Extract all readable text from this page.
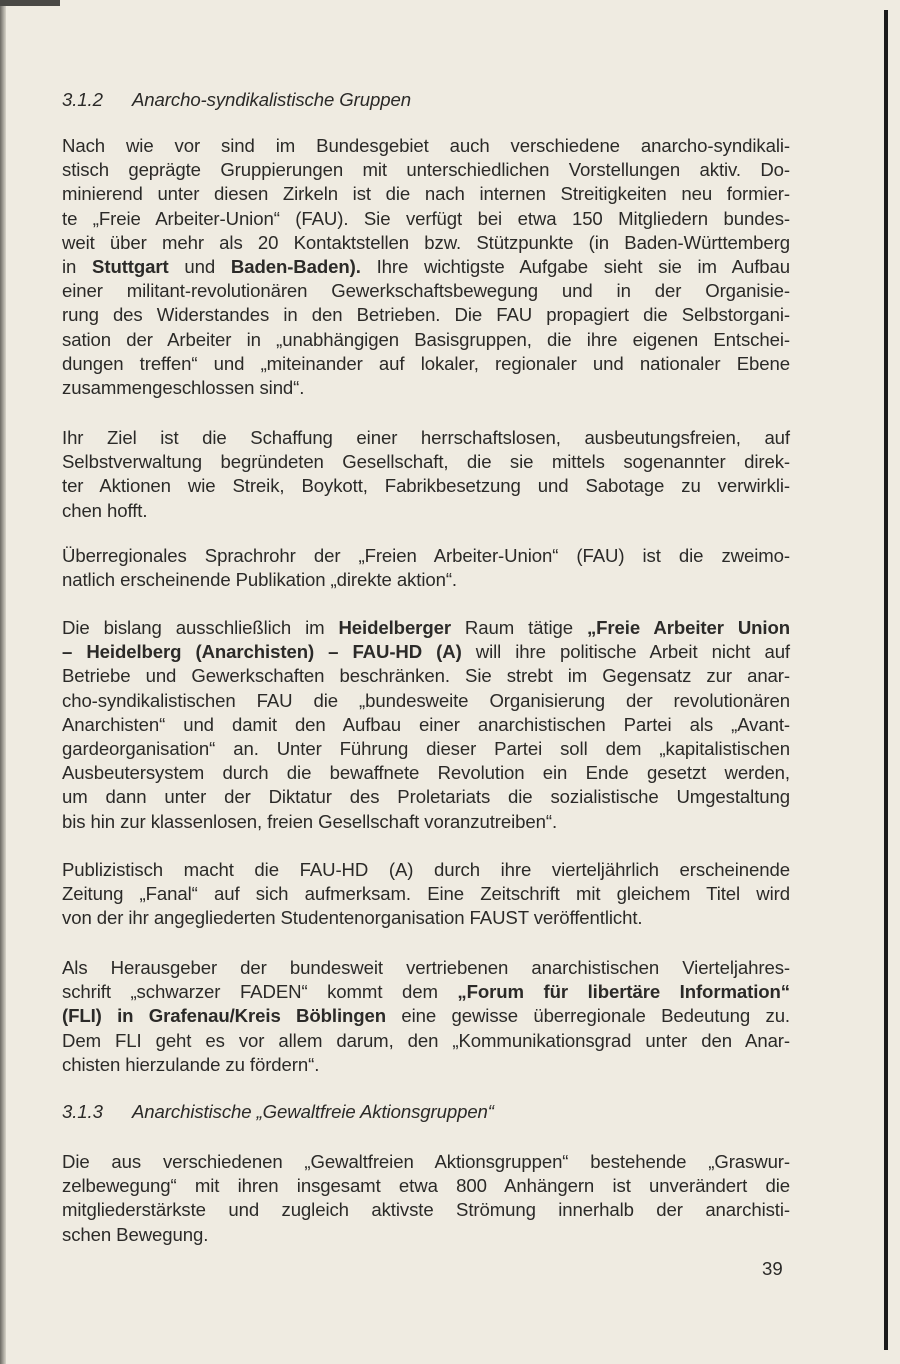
3.1.2 Anarcho-syndikalistische Gruppen
Nach wie vor sind im Bundesgebiet auch verschiedene anarcho-syndikali-
stisch geprägte Gruppierungen mit unterschiedlichen Vorstellungen aktiv. Do-
minierend unter diesen Zirkeln ist die nach internen Streitigkeiten neu formier-
te „Freie Arbeiter-Union“ (FAU). Sie verfügt bei etwa 150 Mitgliedern bundes-
weit über mehr als 20 Kontaktstellen bzw. Stützpunkte (in Baden-Württemberg
in Stuttgart und Baden-Baden). Ihre wichtigste Aufgabe sieht sie im Aufbau
einer militant-revolutionären Gewerkschaftsbewegung und in der Organisie-
rung des Widerstandes in den Betrieben. Die FAU propagiert die Selbstorgani-
sation der Arbeiter in „unabhängigen Basisgruppen, die ihre eigenen Entschei-
dungen treffen“ und „miteinander auf lokaler, regionaler und nationaler Ebene
zusammengeschlossen sind“.
Ihr Ziel ist die Schaffung einer herrschaftslosen, ausbeutungsfreien, auf
Selbstverwaltung begründeten Gesellschaft, die sie mittels sogenannter direk-
ter Aktionen wie Streik, Boykott, Fabrikbesetzung und Sabotage zu verwirkli-
chen hofft.
Überregionales Sprachrohr der „Freien Arbeiter-Union“ (FAU) ist die zweimo-
natlich erscheinende Publikation „direkte aktion“.
Die bislang ausschließlich im Heidelberger Raum tätige „Freie Arbeiter Union
– Heidelberg (Anarchisten) – FAU-HD (A) will ihre politische Arbeit nicht auf
Betriebe und Gewerkschaften beschränken. Sie strebt im Gegensatz zur anar-
cho-syndikalistischen FAU die „bundesweite Organisierung der revolutionären
Anarchisten“ und damit den Aufbau einer anarchistischen Partei als „Avant-
gardeorganisation“ an. Unter Führung dieser Partei soll dem „kapitalistischen
Ausbeutersystem durch die bewaffnete Revolution ein Ende gesetzt werden,
um dann unter der Diktatur des Proletariats die sozialistische Umgestaltung
bis hin zur klassenlosen, freien Gesellschaft voranzutreiben“.
Publizistisch macht die FAU-HD (A) durch ihre vierteljährlich erscheinende
Zeitung „Fanal“ auf sich aufmerksam. Eine Zeitschrift mit gleichem Titel wird
von der ihr angegliederten Studentenorganisation FAUST veröffentlicht.
Als Herausgeber der bundesweit vertriebenen anarchistischen Vierteljahres-
schrift „schwarzer FADEN“ kommt dem „Forum für libertäre Information“
(FLI) in Grafenau/Kreis Böblingen eine gewisse überregionale Bedeutung zu.
Dem FLI geht es vor allem darum, den „Kommunikationsgrad unter den Anar-
chisten hierzulande zu fördern“.
3.1.3 Anarchistische „Gewaltfreie Aktionsgruppen“
Die aus verschiedenen „Gewaltfreien Aktionsgruppen“ bestehende „Graswur-
zelbewegung“ mit ihren insgesamt etwa 800 Anhängern ist unverändert die
mitgliederstärkste und zugleich aktivste Strömung innerhalb der anarchisti-
schen Bewegung.
39
